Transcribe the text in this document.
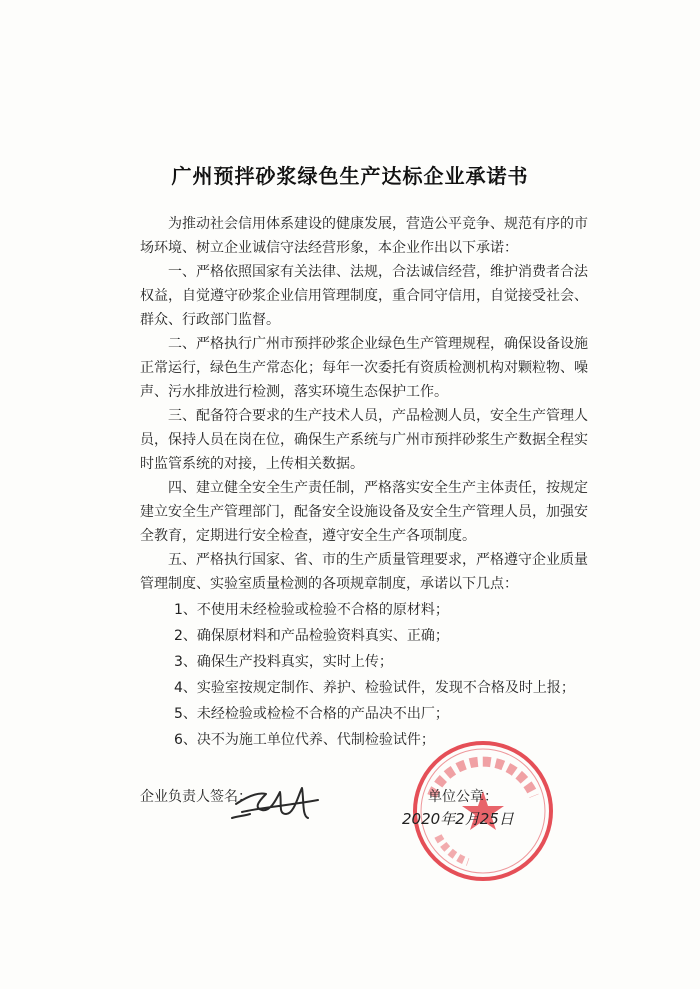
广州预拌砂浆绿色生产达标企业承诺书
为推动社会信用体系建设的健康发展，营造公平竞争、规范有序的市
场环境、树立企业诚信守法经营形象，本企业作出以下承诺：
一、严格依照国家有关法律、法规，合法诚信经营，维护消费者合法
权益，自觉遵守砂浆企业信用管理制度，重合同守信用，自觉接受社会、
群众、行政部门监督。
二、严格执行广州市预拌砂浆企业绿色生产管理规程，确保设备设施
正常运行，绿色生产常态化；每年一次委托有资质检测机构对颗粒物、噪
声、污水排放进行检测，落实环境生态保护工作。
三、配备符合要求的生产技术人员，产品检测人员，安全生产管理人
员，保持人员在岗在位，确保生产系统与广州市预拌砂浆生产数据全程实
时监管系统的对接，上传相关数据。
四、建立健全安全生产责任制，严格落实安全生产主体责任，按规定
建立安全生产管理部门，配备安全设施设备及安全生产管理人员，加强安
全教育，定期进行安全检查，遵守安全生产各项制度。
五、严格执行国家、省、市的生产质量管理要求，严格遵守企业质量
管理制度、实验室质量检测的各项规章制度，承诺以下几点：
1、不使用未经检验或检验不合格的原材料；
2、确保原材料和产品检验资料真实、正确；
3、确保生产投料真实，实时上传；
4、实验室按规定制作、养护、检验试件，发现不合格及时上报；
5、未经检验或检检不合格的产品决不出厂；
6、决不为施工单位代养、代制检验试件；
企业负责人签名：	单位公章：
2020年2月25日
